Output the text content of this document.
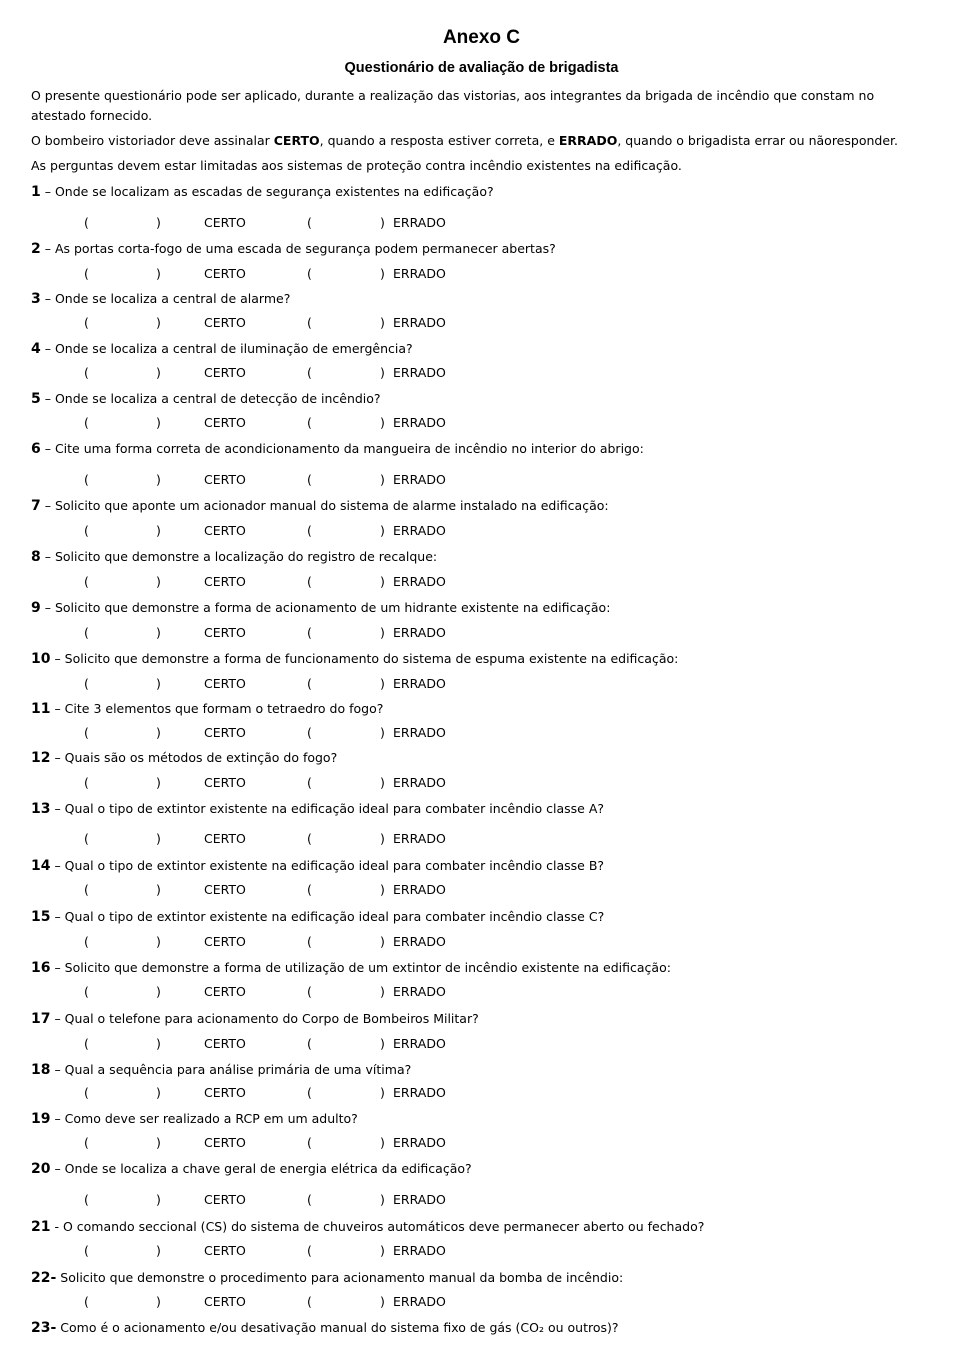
Anexo C
Questionário de avaliação de brigadista
O presente questionário pode ser aplicado, durante a realização das vistorias, aos integrantes da brigada de incêndio que constam no atestado fornecido.
O bombeiro vistoriador deve assinalar CERTO, quando a resposta estiver correta, e ERRADO, quando o brigadista errar ou nãoresponder.
As perguntas devem estar limitadas aos sistemas de proteção contra incêndio existentes na edificação.
1 – Onde se localizam as escadas de segurança existentes na edificação?
(	)	CERTO	(	) ERRADO
2 – As portas corta-fogo de uma escada de segurança podem permanecer abertas?
(	)	CERTO	(	) ERRADO
3 – Onde se localiza a central de alarme?
(	)	CERTO	(	) ERRADO
4 – Onde se localiza a central de iluminação de emergência?
(	)	CERTO	(	) ERRADO
5 – Onde se localiza a central de detecção de incêndio?
(	)	CERTO	(	) ERRADO
6 – Cite uma forma correta de acondicionamento da mangueira de incêndio no interior do abrigo:
(	)	CERTO	(	) ERRADO
7 – Solicito que aponte um acionador manual do sistema de alarme instalado na edificação:
(	)	CERTO	(	) ERRADO
8 – Solicito que demonstre a localização do registro de recalque:
(	)	CERTO	(	) ERRADO
9 – Solicito que demonstre a forma de acionamento de um hidrante existente na edificação:
(	)	CERTO	(	) ERRADO
10 – Solicito que demonstre a forma de funcionamento do sistema de espuma existente na edificação:
(	)	CERTO	(	) ERRADO
11 – Cite 3 elementos que formam o tetraedro do fogo?
(	)	CERTO	(	) ERRADO
12 – Quais são os métodos de extinção do fogo?
(	)	CERTO	(	) ERRADO
13 – Qual o tipo de extintor existente na edificação ideal para combater incêndio classe A?
(	)	CERTO	(	) ERRADO
14 – Qual o tipo de extintor existente na edificação ideal para combater incêndio classe B?
(	)	CERTO	(	) ERRADO
15 – Qual o tipo de extintor existente na edificação ideal para combater incêndio classe C?
(	)	CERTO	(	) ERRADO
16 – Solicito que demonstre a forma de utilização de um extintor de incêndio existente na edificação:
(	)	CERTO	(	) ERRADO
17 – Qual o telefone para acionamento do Corpo de Bombeiros Militar?
(	)	CERTO	(	) ERRADO
18 – Qual a sequência para análise primária de uma vítima?
(	)	CERTO	(	) ERRADO
19 – Como deve ser realizado a RCP em um adulto?
(	)	CERTO	(	) ERRADO
20 – Onde se localiza a chave geral de energia elétrica da edificação?
(	)	CERTO	(	) ERRADO
21 - O comando seccional (CS) do sistema de chuveiros automáticos deve permanecer aberto ou fechado?
(	)	CERTO	(	) ERRADO
22- Solicito que demonstre o procedimento para acionamento manual da bomba de incêndio:
(	)	CERTO	(	) ERRADO
23- Como é o acionamento e/ou desativação manual do sistema fixo de gás (CO₂ ou outros)?
